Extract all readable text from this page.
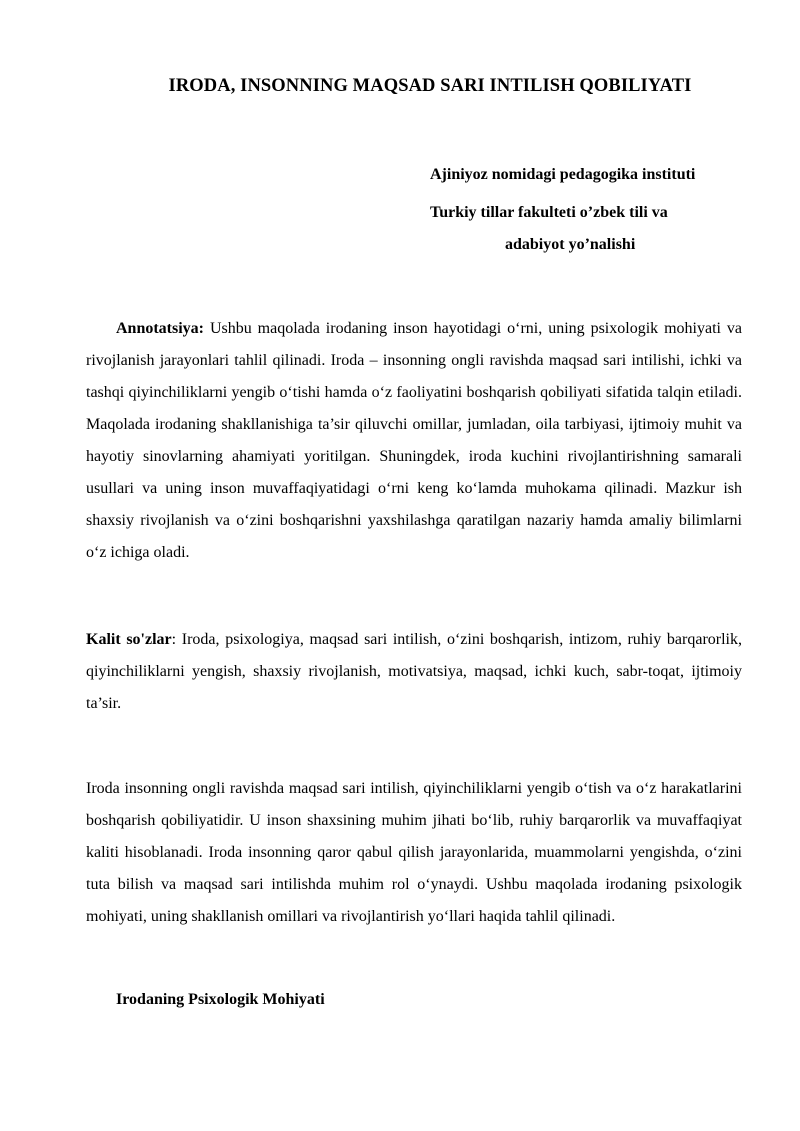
IRODA, INSONNING MAQSAD SARI INTILISH QOBILIYATI
Ajiniyoz nomidagi pedagogika instituti
Turkiy tillar fakulteti o’zbek tili va
adabiyot yo’nalishi
Annotatsiya: Ushbu maqolada irodaning inson hayotidagi o‘rni, uning psixologik mohiyati va rivojlanish jarayonlari tahlil qilinadi. Iroda – insonning ongli ravishda maqsad sari intilishi, ichki va tashqi qiyinchiliklarni yengib o‘tishi hamda o‘z faoliyatini boshqarish qobiliyati sifatida talqin etiladi. Maqolada irodaning shakllanishiga ta’sir qiluvchi omillar, jumladan, oila tarbiyasi, ijtimoiy muhit va hayotiy sinovlarning ahamiyati yoritilgan. Shuningdek, iroda kuchini rivojlantirishning samarali usullari va uning inson muvaffaqiyatidagi o‘rni keng ko‘lamda muhokama qilinadi. Mazkur ish shaxsiy rivojlanish va o‘zini boshqarishni yaxshilashga qaratilgan nazariy hamda amaliy bilimlarni o‘z ichiga oladi.
Kalit so'zlar: Iroda, psixologiya, maqsad sari intilish, o‘zini boshqarish, intizom, ruhiy barqarorlik, qiyinchiliklarni yengish, shaxsiy rivojlanish, motivatsiya, maqsad, ichki kuch, sabr-toqat, ijtimoiy ta’sir.
Iroda insonning ongli ravishda maqsad sari intilish, qiyinchiliklarni yengib o‘tish va o‘z harakatlarini boshqarish qobiliyatidir. U inson shaxsining muhim jihati bo‘lib, ruhiy barqarorlik va muvaffaqiyat kaliti hisoblanadi. Iroda insonning qaror qabul qilish jarayonlarida, muammolarni yengishda, o‘zini tuta bilish va maqsad sari intilishda muhim rol o‘ynaydi. Ushbu maqolada irodaning psixologik mohiyati, uning shakllanish omillari va rivojlantirish yo‘llari haqida tahlil qilinadi.
Irodaning Psixologik Mohiyati
